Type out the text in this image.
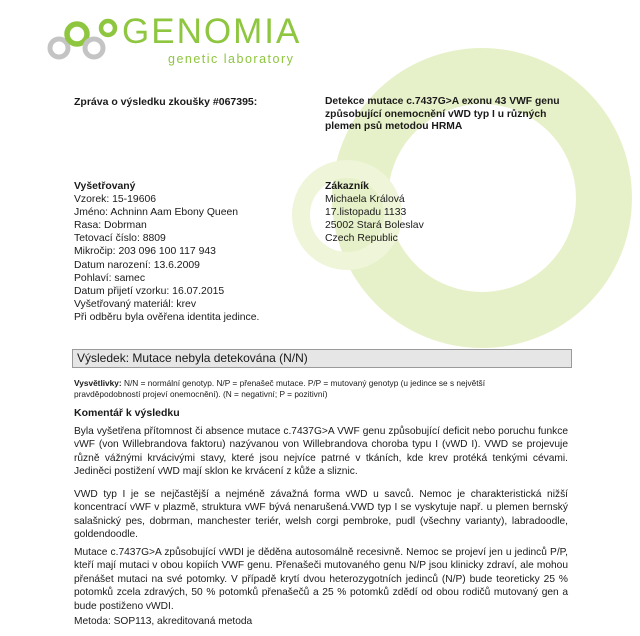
GENOMIA
genetic laboratory
Zpráva o výsledku zkoušky #067395:	Detekce mutace c.7437G>A exonu 43 VWF genu způsobující onemocnění vWD typ I u různých plemen psů metodou HRMA
Vyšetřovaný
Vzorek: 15-19606
Jméno: Achninn Aam Ebony Queen
Rasa: Dobrman
Tetovací číslo: 8809
Mikročip: 203 096 100 117 943
Datum narození: 13.6.2009
Pohlaví: samec
Datum přijetí vzorku: 16.07.2015
Vyšetřovaný materiál: krev
Při odběru byla ověřena identita jedince.
Zákazník
Michaela Králová
17.listopadu 1133
25002 Stará Boleslav
Czech Republic
Výsledek: Mutace nebyla detekována (N/N)
Vysvětlivky: N/N = normální genotyp. N/P = přenašeč mutace. P/P = mutovaný genotyp (u jedince se s největší pravděpodobností projeví onemocnění). (N = negativní; P = pozitivní)
Komentář k výsledku
Byla vyšetřena přítomnost či absence mutace c.7437G>A VWF genu způsobující deficit nebo poruchu funkce vWF (von Willebrandova faktoru) nazývanou von Willebrandova choroba typu I (vWD I). VWD se projevuje různě vážnými krvácivými stavy, které jsou nejvíce patrné v tkáních, kde krev protéká tenkými cévami. Jediněci postižení vWD mají sklon ke krvácení z kůže a sliznic.
VWD typ I je se nejčastější a nejméně závažná forma vWD u savců. Nemoc je charakteristická nižší koncentrací vWF v plazmě, struktura vWF bývá nenarušená.VWD typ I se vyskytuje např. u plemen bernský salašnický pes, dobrman, manchester teriér, welsh corgi pembroke, pudl (všechny varianty), labradoodle, goldendoodle.
Mutace c.7437G>A způsobující vWDI je děděna autosomálně recesivně. Nemoc se projeví jen u jedinců P/P, kteří mají mutaci v obou kopiích VWF genu. Přenašeči mutovaného genu N/P jsou klinicky zdraví, ale mohou přenášet mutaci na své potomky. V případě krytí dvou heterozygotních jedinců (N/P) bude teoreticky 25 % potomků zcela zdravých, 50 % potomků přenašečů a 25 % potomků zdědí od obou rodičů mutovaný gen a bude postiženo vWDI.
Metoda: SOP113, akreditovaná metoda
